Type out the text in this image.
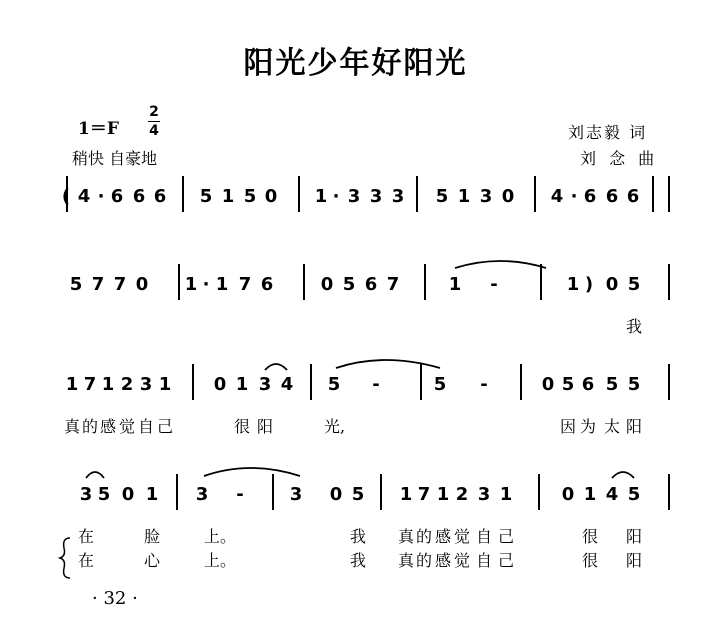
阳光少年好阳光
1＝F
2
4
稍快 自豪地
刘志毅 词
刘 念 曲
( 4 · 6 6 6 5 1 5 0 1 · 3 3 3 5 1 3 0 4 · 6 6 6
5 7 7 0 1 · 1 7 6	0 5 6 7	1 -	1 ) 0 5
我
1 7 1 2 3 1 0 1 3 4 5 -	5 -	0 5 6 5 5
真 的 感 觉 自 己	很 阳	光,	因 为 太 阳
3 5 0 1 3 -	3 0 5 1 7 1 2 3 1	0 1 4 5
在	脸	上。	我 真 的 感 觉 自 己	很 阳
在	心	上。	我 真 的 感 觉 自 己	很 阳
· 32 ·
